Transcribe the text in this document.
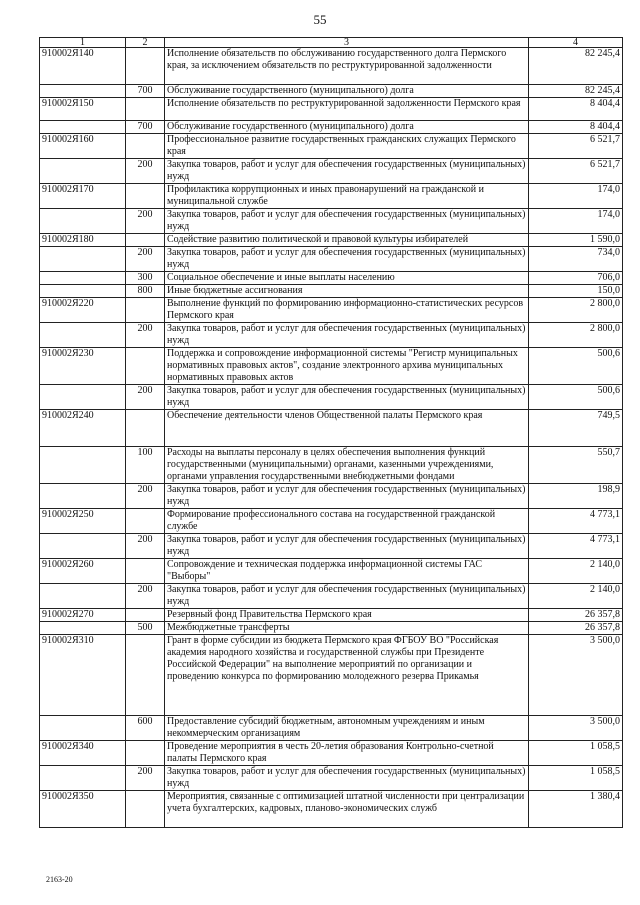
55
1	2	3	4
910002Я140		Исполнение обязательств по обслуживанию государственного долга Пермского края, за исключением обязательств по реструктурированной задолженности	82 245,4
	700	Обслуживание государственного (муниципального) долга	82 245,4
910002Я150		Исполнение обязательств по реструктурированной задолженности Пермского края	8 404,4
	700	Обслуживание государственного (муниципального) долга	8 404,4
910002Я160		Профессиональное развитие государственных гражданских служащих Пермского края	6 521,7
	200	Закупка товаров, работ и услуг для обеспечения государственных (муниципальных) нужд	6 521,7
910002Я170		Профилактика коррупционных и иных правонарушений на гражданской и муниципальной службе	174,0
	200	Закупка товаров, работ и услуг для обеспечения государственных (муниципальных) нужд	174,0
910002Я180		Содействие развитию политической и правовой культуры избирателей	1 590,0
	200	Закупка товаров, работ и услуг для обеспечения государственных (муниципальных) нужд	734,0
	300	Социальное обеспечение и иные выплаты населению	706,0
	800	Иные бюджетные ассигнования	150,0
910002Я220		Выполнение функций по формированию информационно-статистических ресурсов Пермского края	2 800,0
	200	Закупка товаров, работ и услуг для обеспечения государственных (муниципальных) нужд	2 800,0
910002Я230		Поддержка и сопровождение информационной системы "Регистр муниципальных нормативных правовых актов", создание электронного архива муниципальных нормативных правовых актов	500,6
	200	Закупка товаров, работ и услуг для обеспечения государственных (муниципальных) нужд	500,6
910002Я240		Обеспечение деятельности членов Общественной палаты Пермского края	749,5
	100	Расходы на выплаты персоналу в целях обеспечения выполнения функций государственными (муниципальными) органами, казенными учреждениями, органами управления государственными внебюджетными фондами	550,7
	200	Закупка товаров, работ и услуг для обеспечения государственных (муниципальных) нужд	198,9
910002Я250		Формирование профессионального состава на государственной гражданской службе	4 773,1
	200	Закупка товаров, работ и услуг для обеспечения государственных (муниципальных) нужд	4 773,1
910002Я260		Сопровождение и техническая поддержка информационной системы ГАС "Выборы"	2 140,0
	200	Закупка товаров, работ и услуг для обеспечения государственных (муниципальных) нужд	2 140,0
910002Я270		Резервный фонд Правительства Пермского края	26 357,8
	500	Межбюджетные трансферты	26 357,8
910002Я310		Грант в форме субсидии из бюджета Пермского края ФГБОУ ВО "Российская академия народного хозяйства и государственной службы при Президенте Российской Федерации" на выполнение мероприятий по организации и проведению конкурса по формированию молодежного резерва Прикамья	3 500,0
	600	Предоставление субсидий бюджетным, автономным учреждениям и иным некоммерческим организациям	3 500,0
910002Я340		Проведение мероприятия в честь 20-летия образования Контрольно-счетной палаты Пермского края	1 058,5
	200	Закупка товаров, работ и услуг для обеспечения государственных (муниципальных) нужд	1 058,5
910002Я350		Мероприятия, связанные с оптимизацией штатной численности при централизации учета бухгалтерских, кадровых, планово-экономических служб	1 380,4
2163-20
